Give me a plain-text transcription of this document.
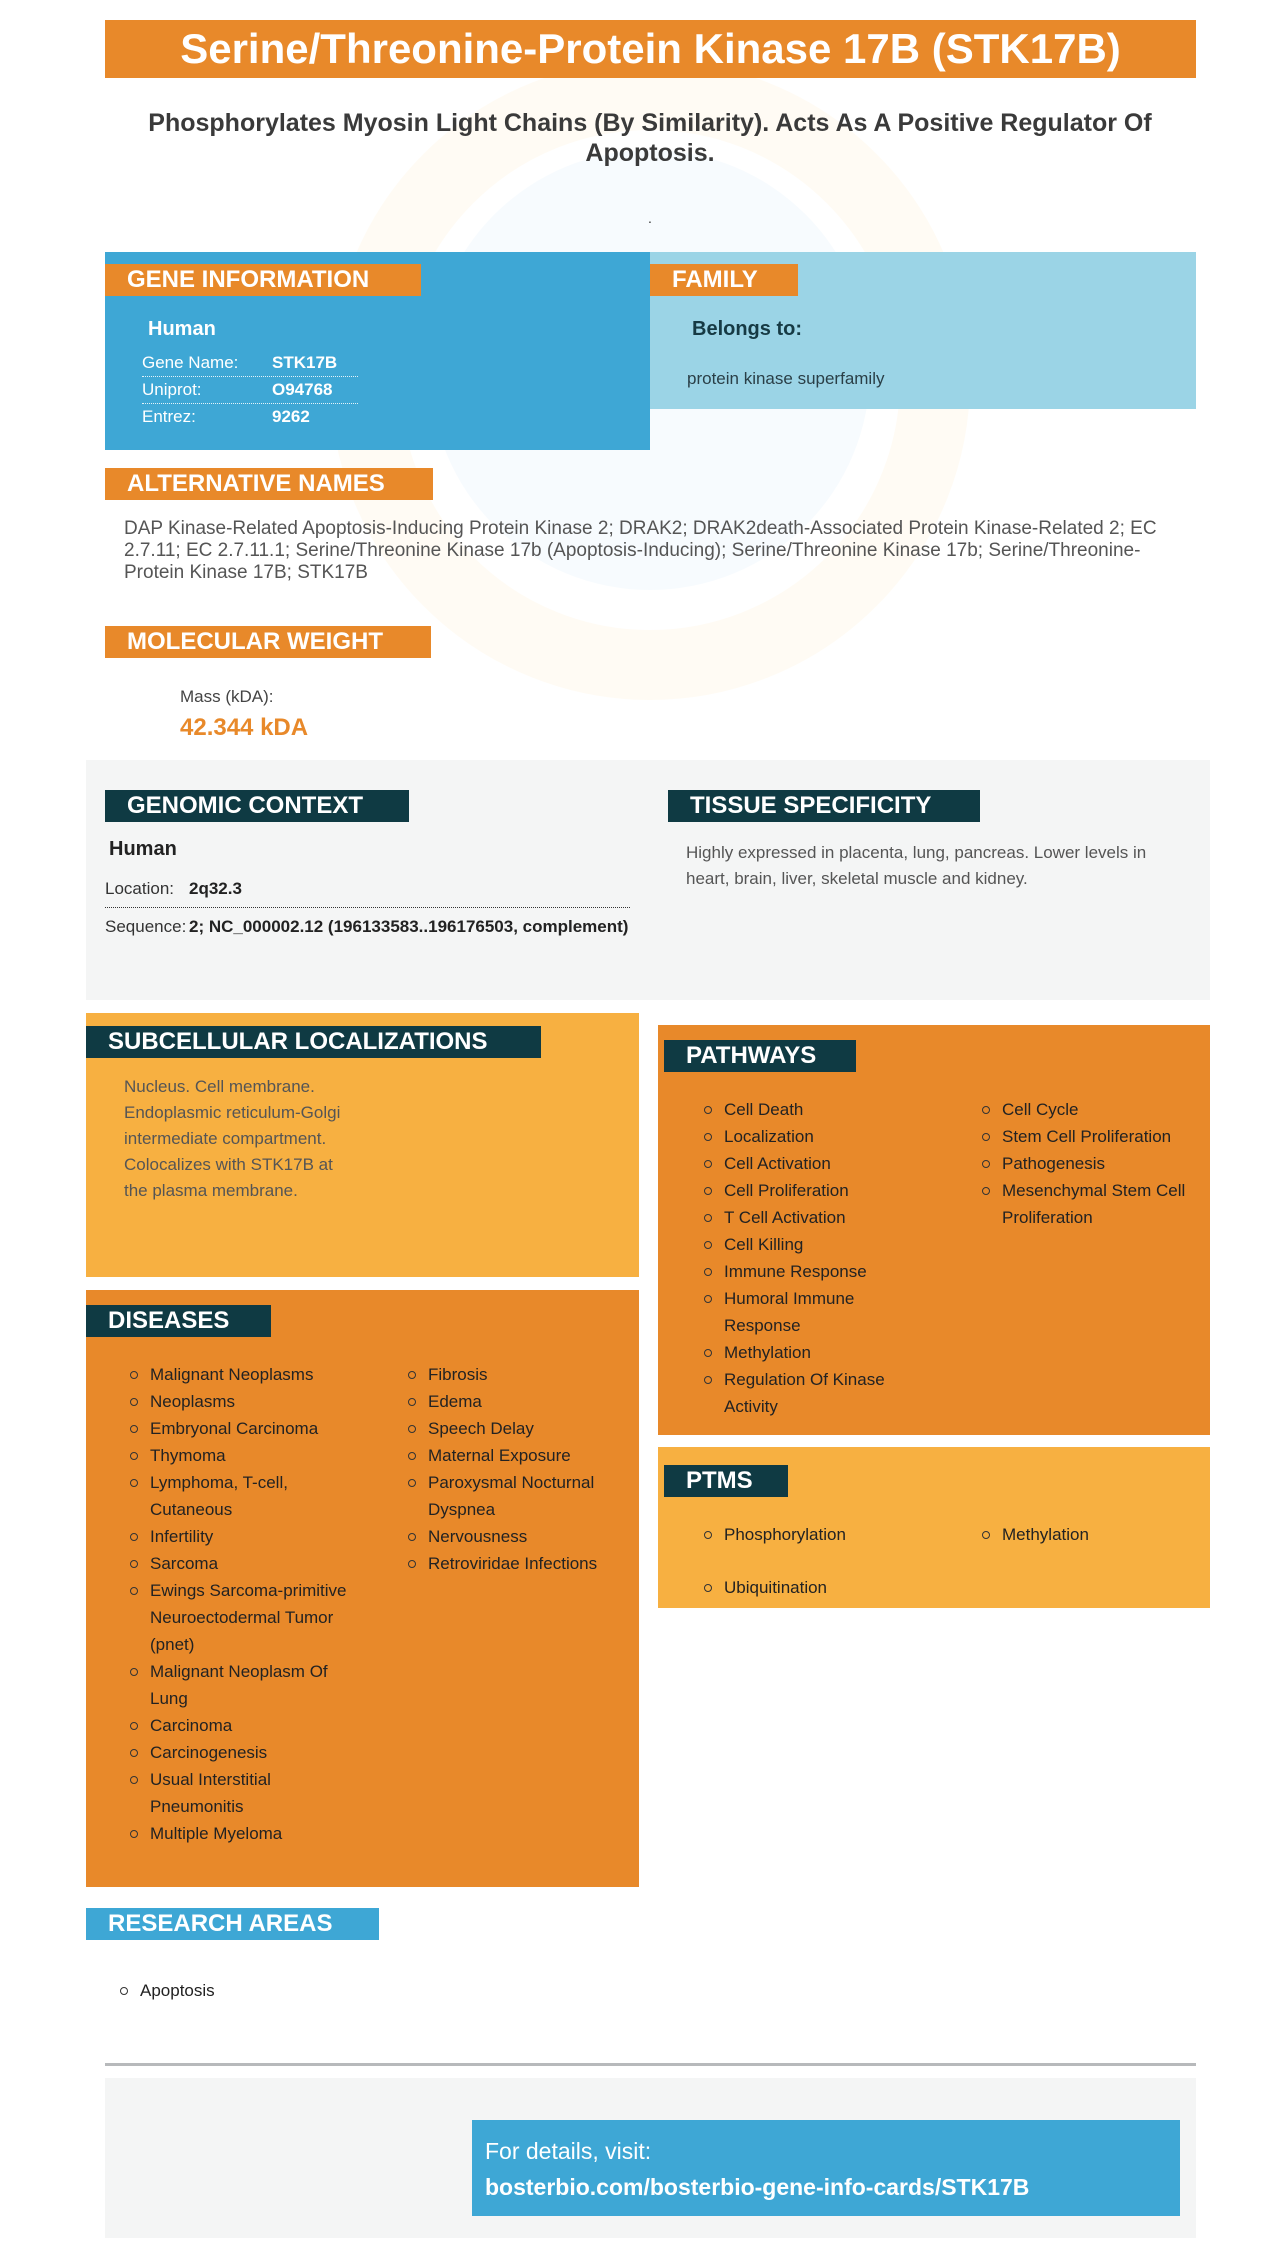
Serine/Threonine-Protein Kinase 17B (STK17B)
Phosphorylates Myosin Light Chains (By Similarity). Acts As A Positive Regulator Of Apoptosis.
.
GENE INFORMATION
Human
Gene Name:	STK17B
Uniprot:	O94768
Entrez:	9262
FAMILY
Belongs to:
protein kinase superfamily
ALTERNATIVE NAMES
DAP Kinase-Related Apoptosis-Inducing Protein Kinase 2; DRAK2; DRAK2death-Associated Protein Kinase-Related 2; EC 2.7.11; EC 2.7.11.1; Serine/Threonine Kinase 17b (Apoptosis-Inducing); Serine/Threonine Kinase 17b; Serine/Threonine-Protein Kinase 17B; STK17B
MOLECULAR WEIGHT
Mass (kDA):
42.344 kDA
GENOMIC CONTEXT
Human
Location: 2q32.3
Sequence: 2; NC_000002.12 (196133583..196176503, complement)
TISSUE SPECIFICITY
Highly expressed in placenta, lung, pancreas. Lower levels in heart, brain, liver, skeletal muscle and kidney.
SUBCELLULAR LOCALIZATIONS
Nucleus. Cell membrane. Endoplasmic reticulum-Golgi intermediate compartment. Colocalizes with STK17B at the plasma membrane.
DISEASES
Malignant Neoplasms
Neoplasms
Embryonal Carcinoma
Thymoma
Lymphoma, T-cell, Cutaneous
Infertility
Sarcoma
Ewings Sarcoma-primitive Neuroectodermal Tumor (pnet)
Malignant Neoplasm Of Lung
Carcinoma
Carcinogenesis
Usual Interstitial Pneumonitis
Multiple Myeloma
Fibrosis
Edema
Speech Delay
Maternal Exposure
Paroxysmal Nocturnal Dyspnea
Nervousness
Retroviridae Infections
PATHWAYS
Cell Death
Localization
Cell Activation
Cell Proliferation
T Cell Activation
Cell Killing
Immune Response
Humoral Immune Response
Methylation
Regulation Of Kinase Activity
Cell Cycle
Stem Cell Proliferation
Pathogenesis
Mesenchymal Stem Cell Proliferation
PTMS
Phosphorylation
Ubiquitination
Methylation
RESEARCH AREAS
Apoptosis
For details, visit:
bosterbio.com/bosterbio-gene-info-cards/STK17B
